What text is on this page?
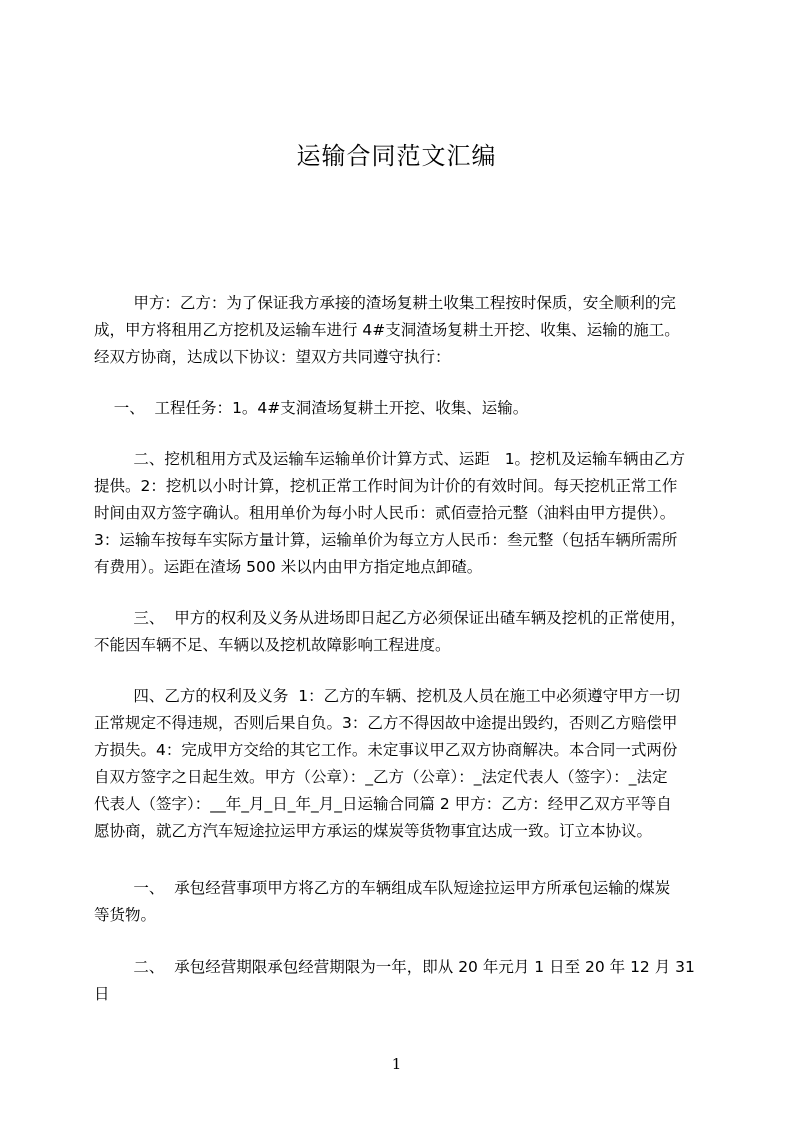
运输合同范文汇编
甲方：乙方：为了保证我方承接的渣场复耕土收集工程按时保质，安全顺利的完
成，甲方将租用乙方挖机及运输车进行 4#支洞渣场复耕土开挖、收集、运输的施工。
经双方协商，达成以下协议：望双方共同遵守执行：
一、  工程任务：1。4#支洞渣场复耕土开挖、收集、运输。
二、挖机租用方式及运输车运输单价计算方式、运距   1。挖机及运输车辆由乙方
提供。2：挖机以小时计算，挖机正常工作时间为计价的有效时间。每天挖机正常工作
时间由双方签字确认。租用单价为每小时人民币：贰佰壹拾元整（油料由甲方提供）。
3：运输车按每车实际方量计算，运输单价为每立方人民币：叁元整（包括车辆所需所
有费用）。运距在渣场 500 米以内由甲方指定地点卸碴。
三、  甲方的权利及义务从进场即日起乙方必须保证出碴车辆及挖机的正常使用，
不能因车辆不足、车辆以及挖机故障影响工程进度。
四、乙方的权利及义务  1：乙方的车辆、挖机及人员在施工中必须遵守甲方一切
正常规定不得违规，否则后果自负。3：乙方不得因故中途提出毁约，否则乙方赔偿甲
方损失。4：完成甲方交给的其它工作。未定事议甲乙双方协商解决。本合同一式两份
自双方签字之日起生效。甲方（公章）：_乙方（公章）：_法定代表人（签字）：_法定
代表人（签字）：__年_月_日_年_月_日运输合同篇 2 甲方：乙方：经甲乙双方平等自
愿协商，就乙方汽车短途拉运甲方承运的煤炭等货物事宜达成一致。订立本协议。
一、  承包经营事项甲方将乙方的车辆组成车队短途拉运甲方所承包运输的煤炭
等货物。
二、  承包经营期限承包经营期限为一年，即从 20 年元月 1 日至 20 年 12 月 31
日
1
